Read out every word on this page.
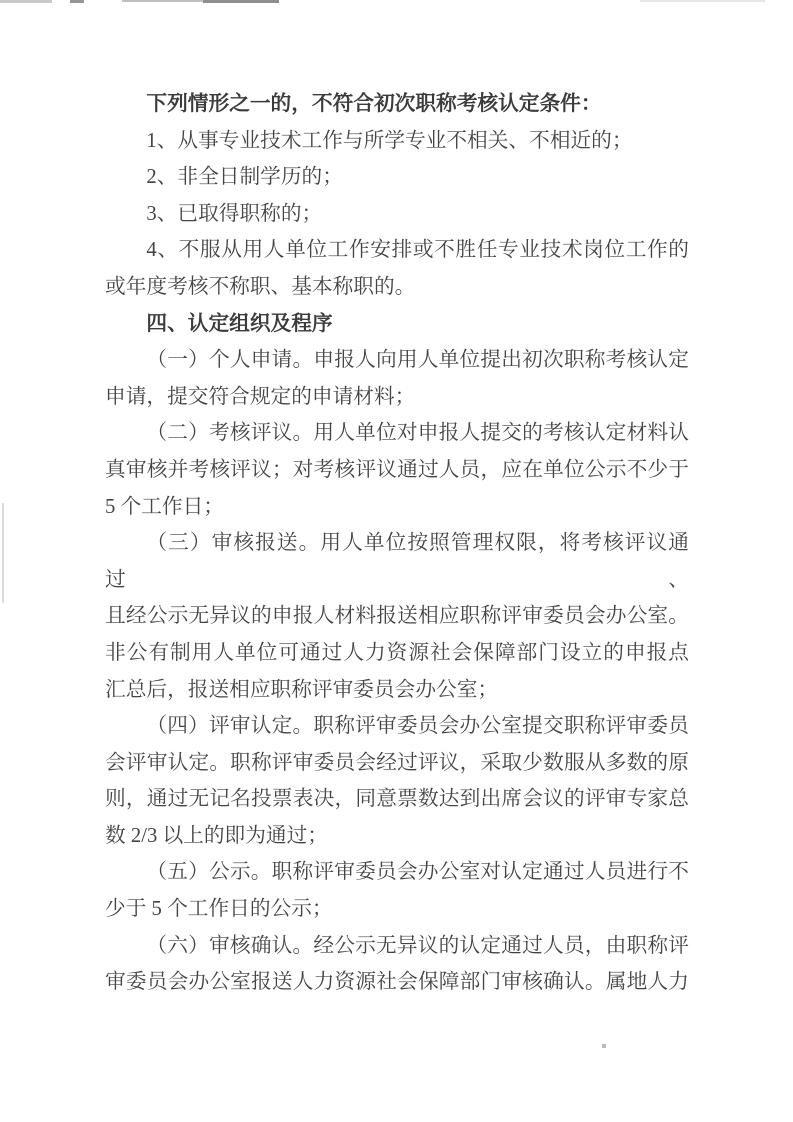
下列情形之一的，不符合初次职称考核认定条件：
1、从事专业技术工作与所学专业不相关、不相近的；
2、非全日制学历的；
3、已取得职称的；
4、不服从用人单位工作安排或不胜任专业技术岗位工作的
或年度考核不称职、基本称职的。
四、认定组织及程序
（一）个人申请。申报人向用人单位提出初次职称考核认定
申请，提交符合规定的申请材料；
（二）考核评议。用人单位对申报人提交的考核认定材料认
真审核并考核评议；对考核评议通过人员，应在单位公示不少于
5 个工作日；
（三）审核报送。用人单位按照管理权限，将考核评议通过、
且经公示无异议的申报人材料报送相应职称评审委员会办公室。
非公有制用人单位可通过人力资源社会保障部门设立的申报点
汇总后，报送相应职称评审委员会办公室；
（四）评审认定。职称评审委员会办公室提交职称评审委员
会评审认定。职称评审委员会经过评议，采取少数服从多数的原
则，通过无记名投票表决，同意票数达到出席会议的评审专家总
数 2/3 以上的即为通过；
（五）公示。职称评审委员会办公室对认定通过人员进行不
少于 5 个工作日的公示；
（六）审核确认。经公示无异议的认定通过人员，由职称评
审委员会办公室报送人力资源社会保障部门审核确认。属地人力
